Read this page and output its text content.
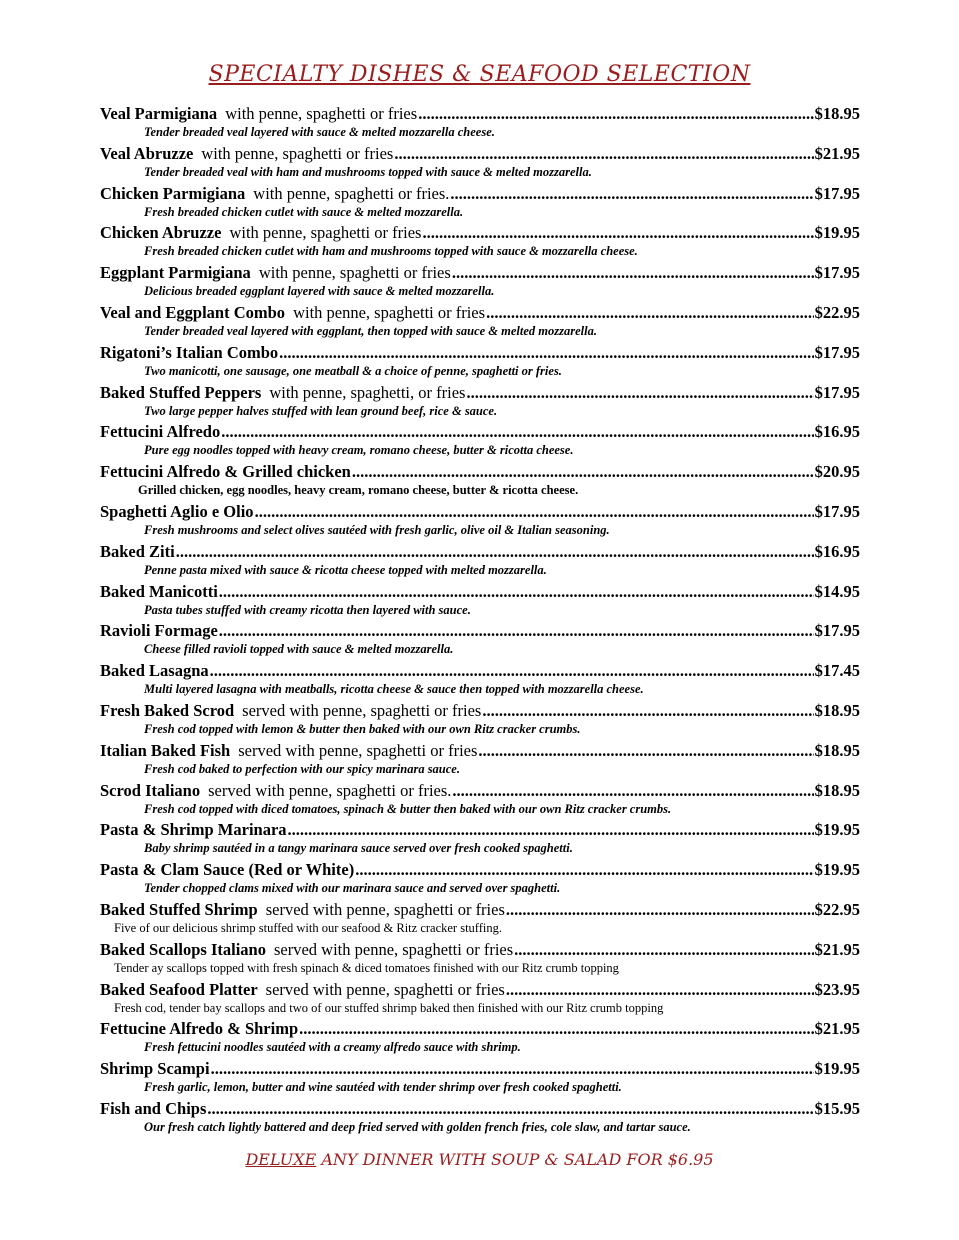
SPECIALTY DISHES & SEAFOOD SELECTION
Veal Parmigiana with penne, spaghetti or fries .....	$18.95
Tender breaded veal layered with sauce & melted mozzarella cheese.
Veal Abruzze with penne, spaghetti or fries .....	$21.95
Tender breaded veal with ham and mushrooms topped with sauce & melted mozzarella.
Chicken Parmigiana with penne, spaghetti or fries. .....	$17.95
Fresh breaded chicken cutlet with sauce & melted mozzarella.
Chicken Abruzze with penne, spaghetti or fries .....	$19.95
Fresh breaded chicken cutlet with ham and mushrooms topped with sauce & mozzarella cheese.
Eggplant Parmigiana with penne, spaghetti or fries .....	$17.95
Delicious breaded eggplant layered with sauce & melted mozzarella.
Veal and Eggplant Combo with penne, spaghetti or fries .....	$22.95
Tender breaded veal layered with eggplant, then topped with sauce & melted mozzarella.
Rigatoni’s Italian Combo .....	$17.95
Two manicotti, one sausage, one meatball & a choice of penne, spaghetti or fries.
Baked Stuffed Peppers with penne, spaghetti, or fries .....	$17.95
Two large pepper halves stuffed with lean ground beef, rice & sauce.
Fettucini Alfredo .....	$16.95
Pure egg noodles topped with heavy cream, romano cheese, butter & ricotta cheese.
Fettucini Alfredo & Grilled chicken .....	$20.95
Grilled chicken, egg noodles, heavy cream, romano cheese, butter & ricotta cheese.
Spaghetti Aglio e Olio .....	$17.95
Fresh mushrooms and select olives sautéed with fresh garlic, olive oil & Italian seasoning.
Baked Ziti .....	$16.95
Penne pasta mixed with sauce & ricotta cheese topped with melted mozzarella.
Baked Manicotti .....	$14.95
Pasta tubes stuffed with creamy ricotta then layered with sauce.
Ravioli Formage .....	$17.95
Cheese filled ravioli topped with sauce & melted mozzarella.
Baked Lasagna .....	$17.45
Multi layered lasagna with meatballs, ricotta cheese & sauce then topped with mozzarella cheese.
Fresh Baked Scrod served with penne, spaghetti or fries .....	$18.95
Fresh cod topped with lemon & butter then baked with our own Ritz cracker crumbs.
Italian Baked Fish served with penne, spaghetti or fries .....	$18.95
Fresh cod baked to perfection with our spicy marinara sauce.
Scrod Italiano served with penne, spaghetti or fries. .....	$18.95
Fresh cod topped with diced tomatoes, spinach & butter then baked with our own Ritz cracker crumbs.
Pasta & Shrimp Marinara .....	$19.95
Baby shrimp sautéed in a tangy marinara sauce served over fresh cooked spaghetti.
Pasta & Clam Sauce (Red or White) .....	$19.95
Tender chopped clams mixed with our marinara sauce and served over spaghetti.
Baked Stuffed Shrimp served with penne, spaghetti or fries .....	$22.95
Five of our delicious shrimp stuffed with our seafood & Ritz cracker stuffing.
Baked Scallops Italiano served with penne, spaghetti or fries .....	$21.95
Tender ay scallops topped with fresh spinach & diced tomatoes finished with our Ritz crumb topping
Baked Seafood Platter served with penne, spaghetti or fries .....	$23.95
Fresh cod, tender bay scallops and two of our stuffed shrimp baked then finished with our Ritz crumb topping
Fettucine Alfredo & Shrimp .....	$21.95
Fresh fettucini noodles sautéed with a creamy alfredo sauce with shrimp.
Shrimp Scampi .....	$19.95
Fresh garlic, lemon, butter and wine sautéed with tender shrimp over fresh cooked spaghetti.
Fish and Chips .....	$15.95
Our fresh catch lightly battered and deep fried served with golden french fries, cole slaw, and tartar sauce.
DELUXE ANY DINNER WITH SOUP & SALAD FOR $6.95
